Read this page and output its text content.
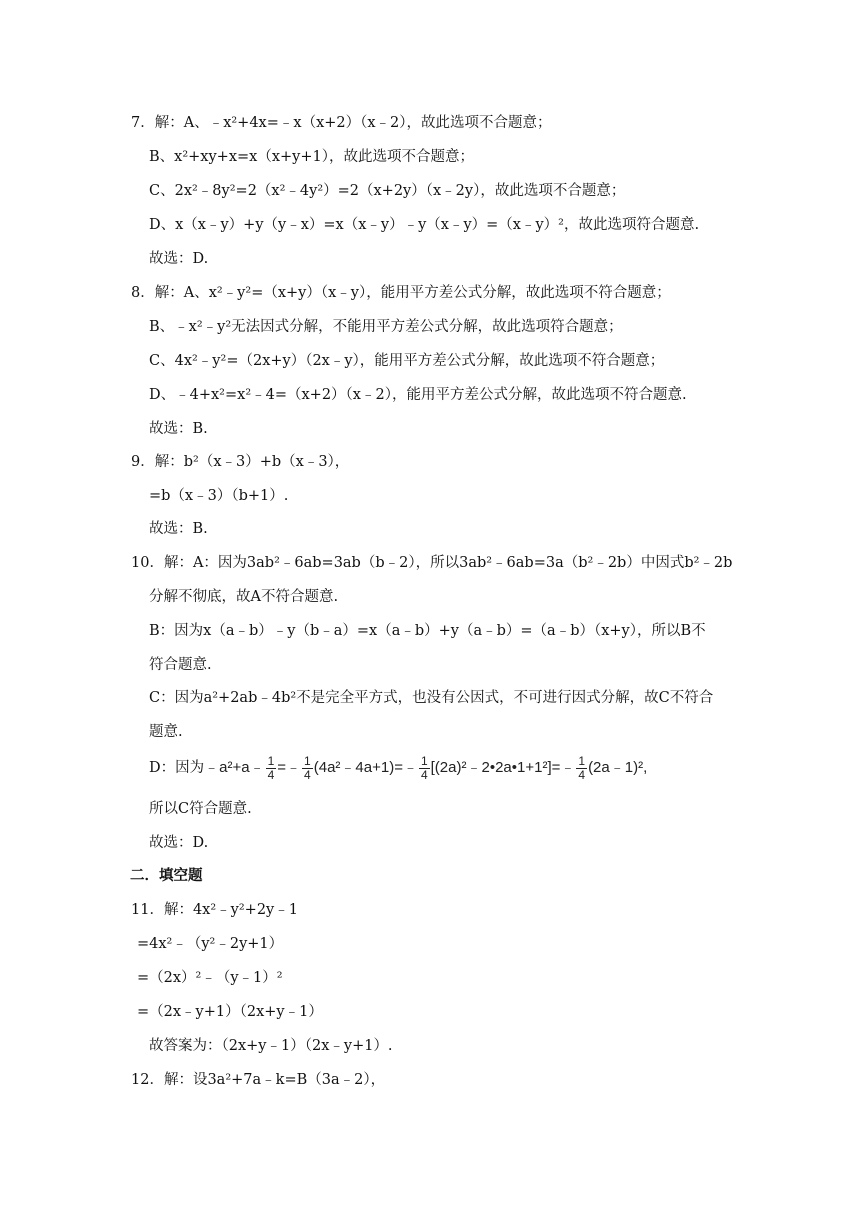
7．解：A、﹣x²+4x=﹣x（x+2）（x﹣2），故此选项不合题意；
B、x²+xy+x=x（x+y+1），故此选项不合题意；
C、2x²﹣8y²=2（x²﹣4y²）=2（x+2y）（x﹣2y），故此选项不合题意；
D、x（x﹣y）+y（y﹣x）=x（x﹣y）﹣y（x﹣y）=（x﹣y）²，故此选项符合题意.
故选：D.
8．解：A、x²﹣y²=（x+y）（x﹣y），能用平方差公式分解，故此选项不符合题意；
B、﹣x²﹣y²无法因式分解，不能用平方差公式分解，故此选项符合题意；
C、4x²﹣y²=（2x+y）（2x﹣y），能用平方差公式分解，故此选项不符合题意；
D、﹣4+x²=x²﹣4=（x+2）（x﹣2），能用平方差公式分解，故此选项不符合题意.
故选：B.
9．解：b²（x﹣3）+b（x﹣3），
=b（x﹣3）（b+1）.
故选：B.
10．解：A：因为3ab²﹣6ab=3ab（b﹣2），所以3ab²﹣6ab=3a（b²﹣2b）中因式b²﹣2b
分解不彻底，故A不符合题意.
B：因为x（a﹣b）﹣y（b﹣a）=x（a﹣b）+y（a﹣b）=（a﹣b）（x+y），所以B不
符合题意.
C：因为a²+2ab﹣4b²不是完全平方式，也没有公因式，不可进行因式分解，故C不符合
题意.
D：因为﹣a²+a﹣ $\frac{1}{4}$ =﹣ $\frac{1}{4}$ (4a²﹣4a+1)=﹣ $\frac{1}{4}$ [(2a)²﹣2•2a•1+1²]=﹣ $\frac{1}{4}$ (2a﹣1)²,
所以C符合题意.
故选：D.
二．填空题
11．解：4x²﹣y²+2y﹣1
=4x²﹣（y²﹣2y+1）
=（2x）²﹣（y﹣1）²
=（2x﹣y+1）（2x+y﹣1）
故答案为：（2x+y﹣1）（2x﹣y+1）.
12．解：设3a²+7a﹣k=B（3a﹣2），
